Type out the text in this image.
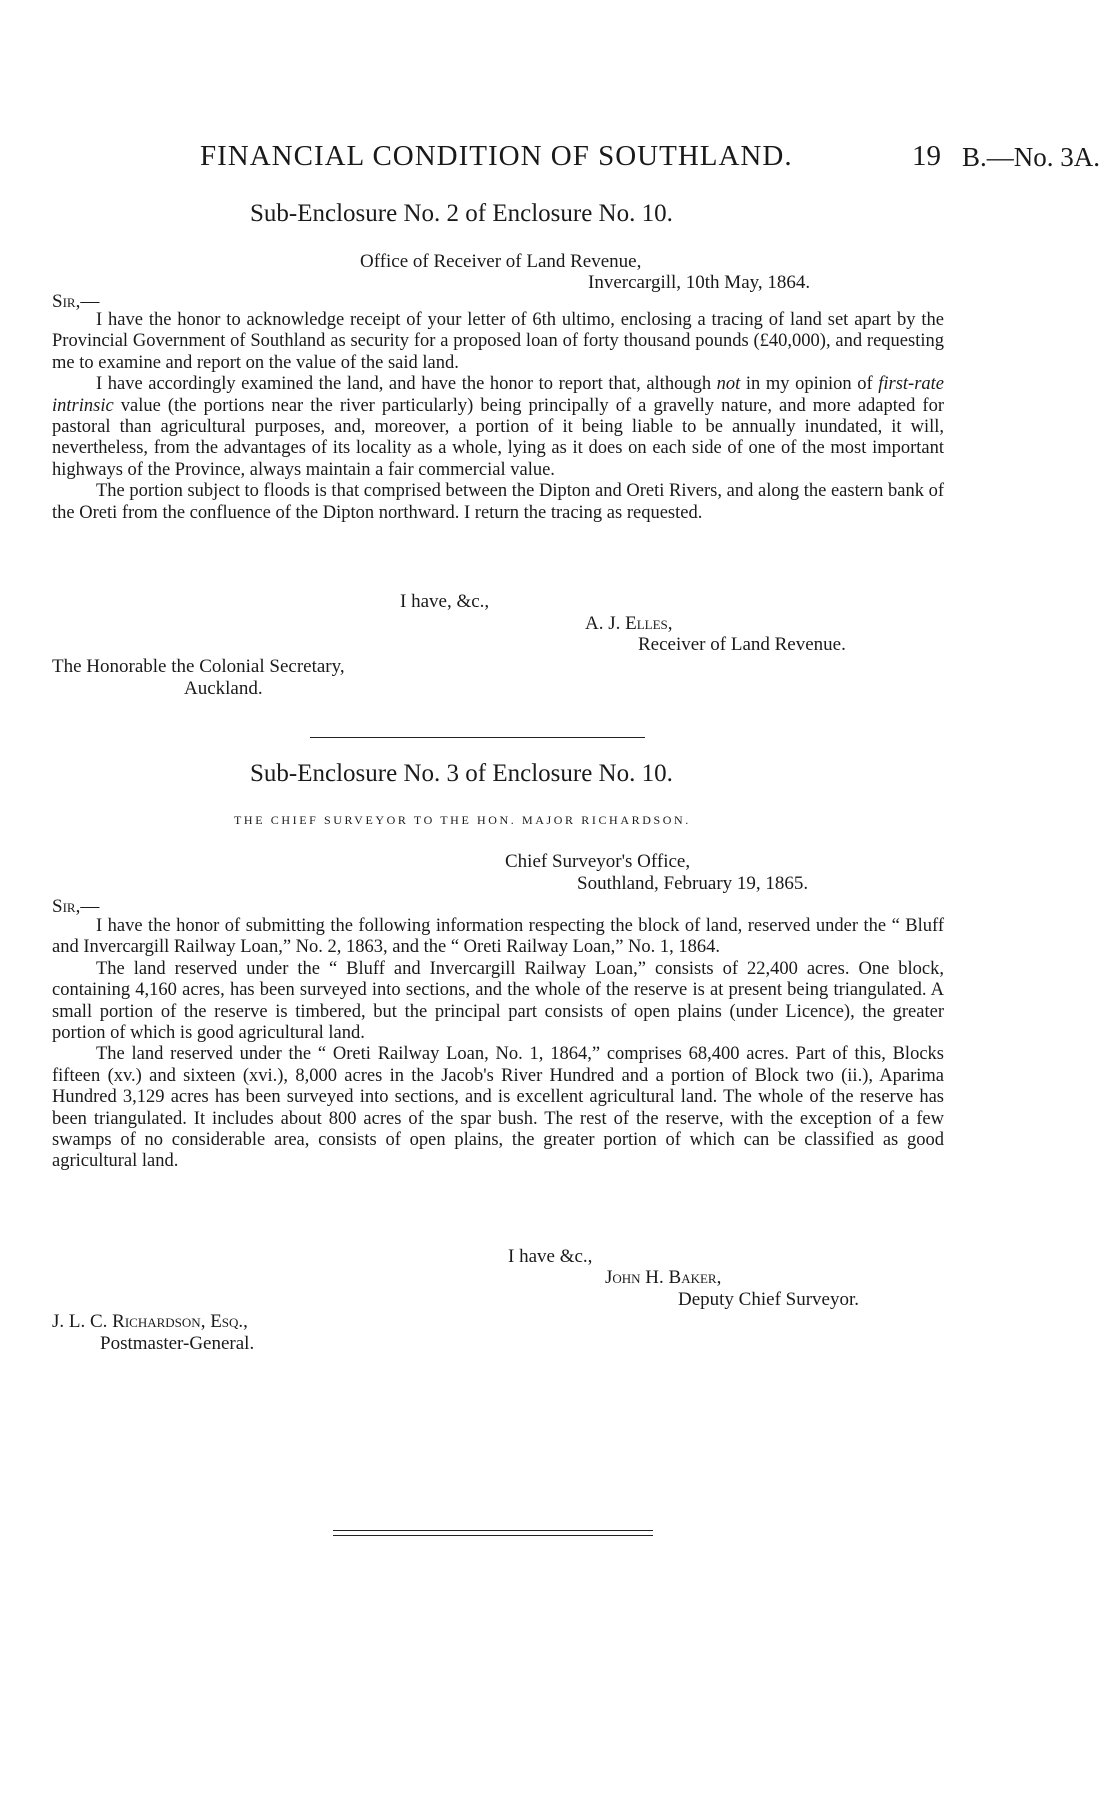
FINANCIAL CONDITION OF SOUTHLAND.	19 B.—No. 3A.
Sub-Enclosure No. 2 of Enclosure No. 10.
Office of Receiver of Land Revenue,
Invercargill, 10th May, 1864.
Sir,—
I have the honor to acknowledge receipt of your letter of 6th ultimo, enclosing a tracing of land set apart by the Provincial Government of Southland as security for a proposed loan of forty thousand pounds (£40,000), and requesting me to examine and report on the value of the said land.
I have accordingly examined the land, and have the honor to report that, although not in my opinion of first-rate intrinsic value (the portions near the river particularly) being principally of a gravelly nature, and more adapted for pastoral than agricultural purposes, and, moreover, a portion of it being liable to be annually inundated, it will, nevertheless, from the advantages of its locality as a whole, lying as it does on each side of one of the most important highways of the Province, always maintain a fair commercial value.
The portion subject to floods is that comprised between the Dipton and Oreti Rivers, and along the eastern bank of the Oreti from the confluence of the Dipton northward. I return the tracing as requested.
I have, &c.,
A. J. Elles,
Receiver of Land Revenue.
The Honorable the Colonial Secretary,
Auckland.
Sub-Enclosure No. 3 of Enclosure No. 10.
THE CHIEF SURVEYOR TO THE HON. MAJOR RICHARDSON.
Chief Surveyor's Office,
Southland, February 19, 1865.
Sir,—
I have the honor of submitting the following information respecting the block of land, reserved under the “ Bluff and Invercargill Railway Loan,” No. 2, 1863, and the “ Oreti Railway Loan,” No. 1, 1864.
The land reserved under the “ Bluff and Invercargill Railway Loan,” consists of 22,400 acres. One block, containing 4,160 acres, has been surveyed into sections, and the whole of the reserve is at present being triangulated. A small portion of the reserve is timbered, but the principal part consists of open plains (under Licence), the greater portion of which is good agricultural land.
The land reserved under the “ Oreti Railway Loan, No. 1, 1864,” comprises 68,400 acres. Part of this, Blocks fifteen (xv.) and sixteen (xvi.), 8,000 acres in the Jacob's River Hundred and a portion of Block two (ii.), Aparima Hundred 3,129 acres has been surveyed into sections, and is excellent agricultural land. The whole of the reserve has been triangulated. It includes about 800 acres of the spar bush. The rest of the reserve, with the exception of a few swamps of no considerable area, consists of open plains, the greater portion of which can be classified as good agricultural land.
I have &c.,
John H. Baker,
Deputy Chief Surveyor.
J. L. C. Richardson, Esq.,
Postmaster-General.
